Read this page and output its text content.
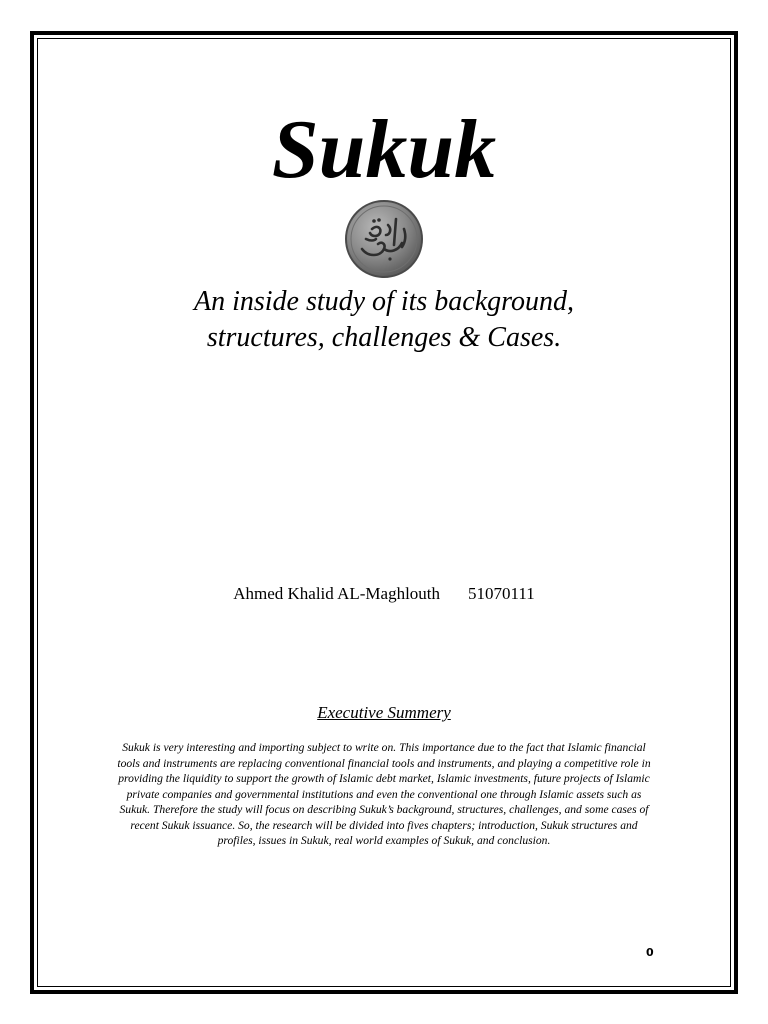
Sukuk
An inside study of its background,
structures, challenges & Cases.
Ahmed Khalid AL-Maghlouth 51070111
Executive Summery
Sukuk is very interesting and importing subject to write on. This importance due to the fact that Islamic financial tools and instruments are replacing conventional financial tools and instruments, and playing a competitive role in providing the liquidity to support the growth of Islamic debt market, Islamic investments, future projects of Islamic private companies and governmental institutions and even the conventional one through Islamic assets such as Sukuk. Therefore the study will focus on describing Sukuk’s background, structures, challenges, and some cases of recent Sukuk issuance. So, the research will be divided into fives chapters; introduction, Sukuk structures and profiles, issues in Sukuk, real world examples of Sukuk, and conclusion.
0
